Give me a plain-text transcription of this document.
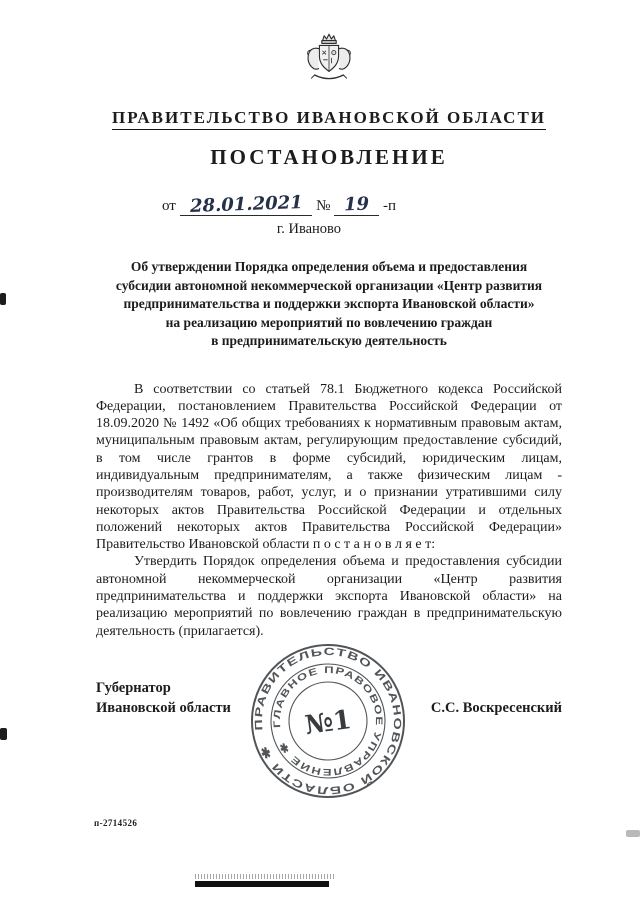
ПРАВИТЕЛЬСТВО ИВАНОВСКОЙ ОБЛАСТИ
ПОСТАНОВЛЕНИЕ
от 28.01.2021 № 19 -п
г. Иваново
Об утверждении Порядка определения объема и предоставления
субсидии автономной некоммерческой организации «Центр развития
предпринимательства и поддержки экспорта Ивановской области»
на реализацию мероприятий по вовлечению граждан
в предпринимательскую деятельность

В соответствии со статьей 78.1 Бюджетного кодекса Российской Федерации, постановлением Правительства Российской Федерации от 18.09.2020 № 1492 «Об общих требованиях к нормативным правовым актам, муниципальным правовым актам, регулирующим предоставление субсидий, в том числе грантов в форме субсидий, юридическим лицам, индивидуальным предпринимателям, а также физическим лицам - производителям товаров, работ, услуг, и о признании утратившими силу некоторых актов Правительства Российской Федерации и отдельных положений некоторых актов Правительства Российской Федерации» Правительство Ивановской области п о с т а н о в л я е т:

Утвердить Порядок определения объема и предоставления субсидии автономной некоммерческой организации «Центр развития предпринимательства и поддержки экспорта Ивановской области» на реализацию мероприятий по вовлечению граждан в предпринимательскую деятельность (прилагается).

Губернатор
Ивановской области	С.С. Воскресенский
ПРАВИТЕЛЬСТВО ИВАНОВСКОЙ ОБЛАСТИ ✱
ГЛАВНОЕ ПРАВОВОЕ УПРАВЛЕНИЕ ✱
№1
п-2714526
